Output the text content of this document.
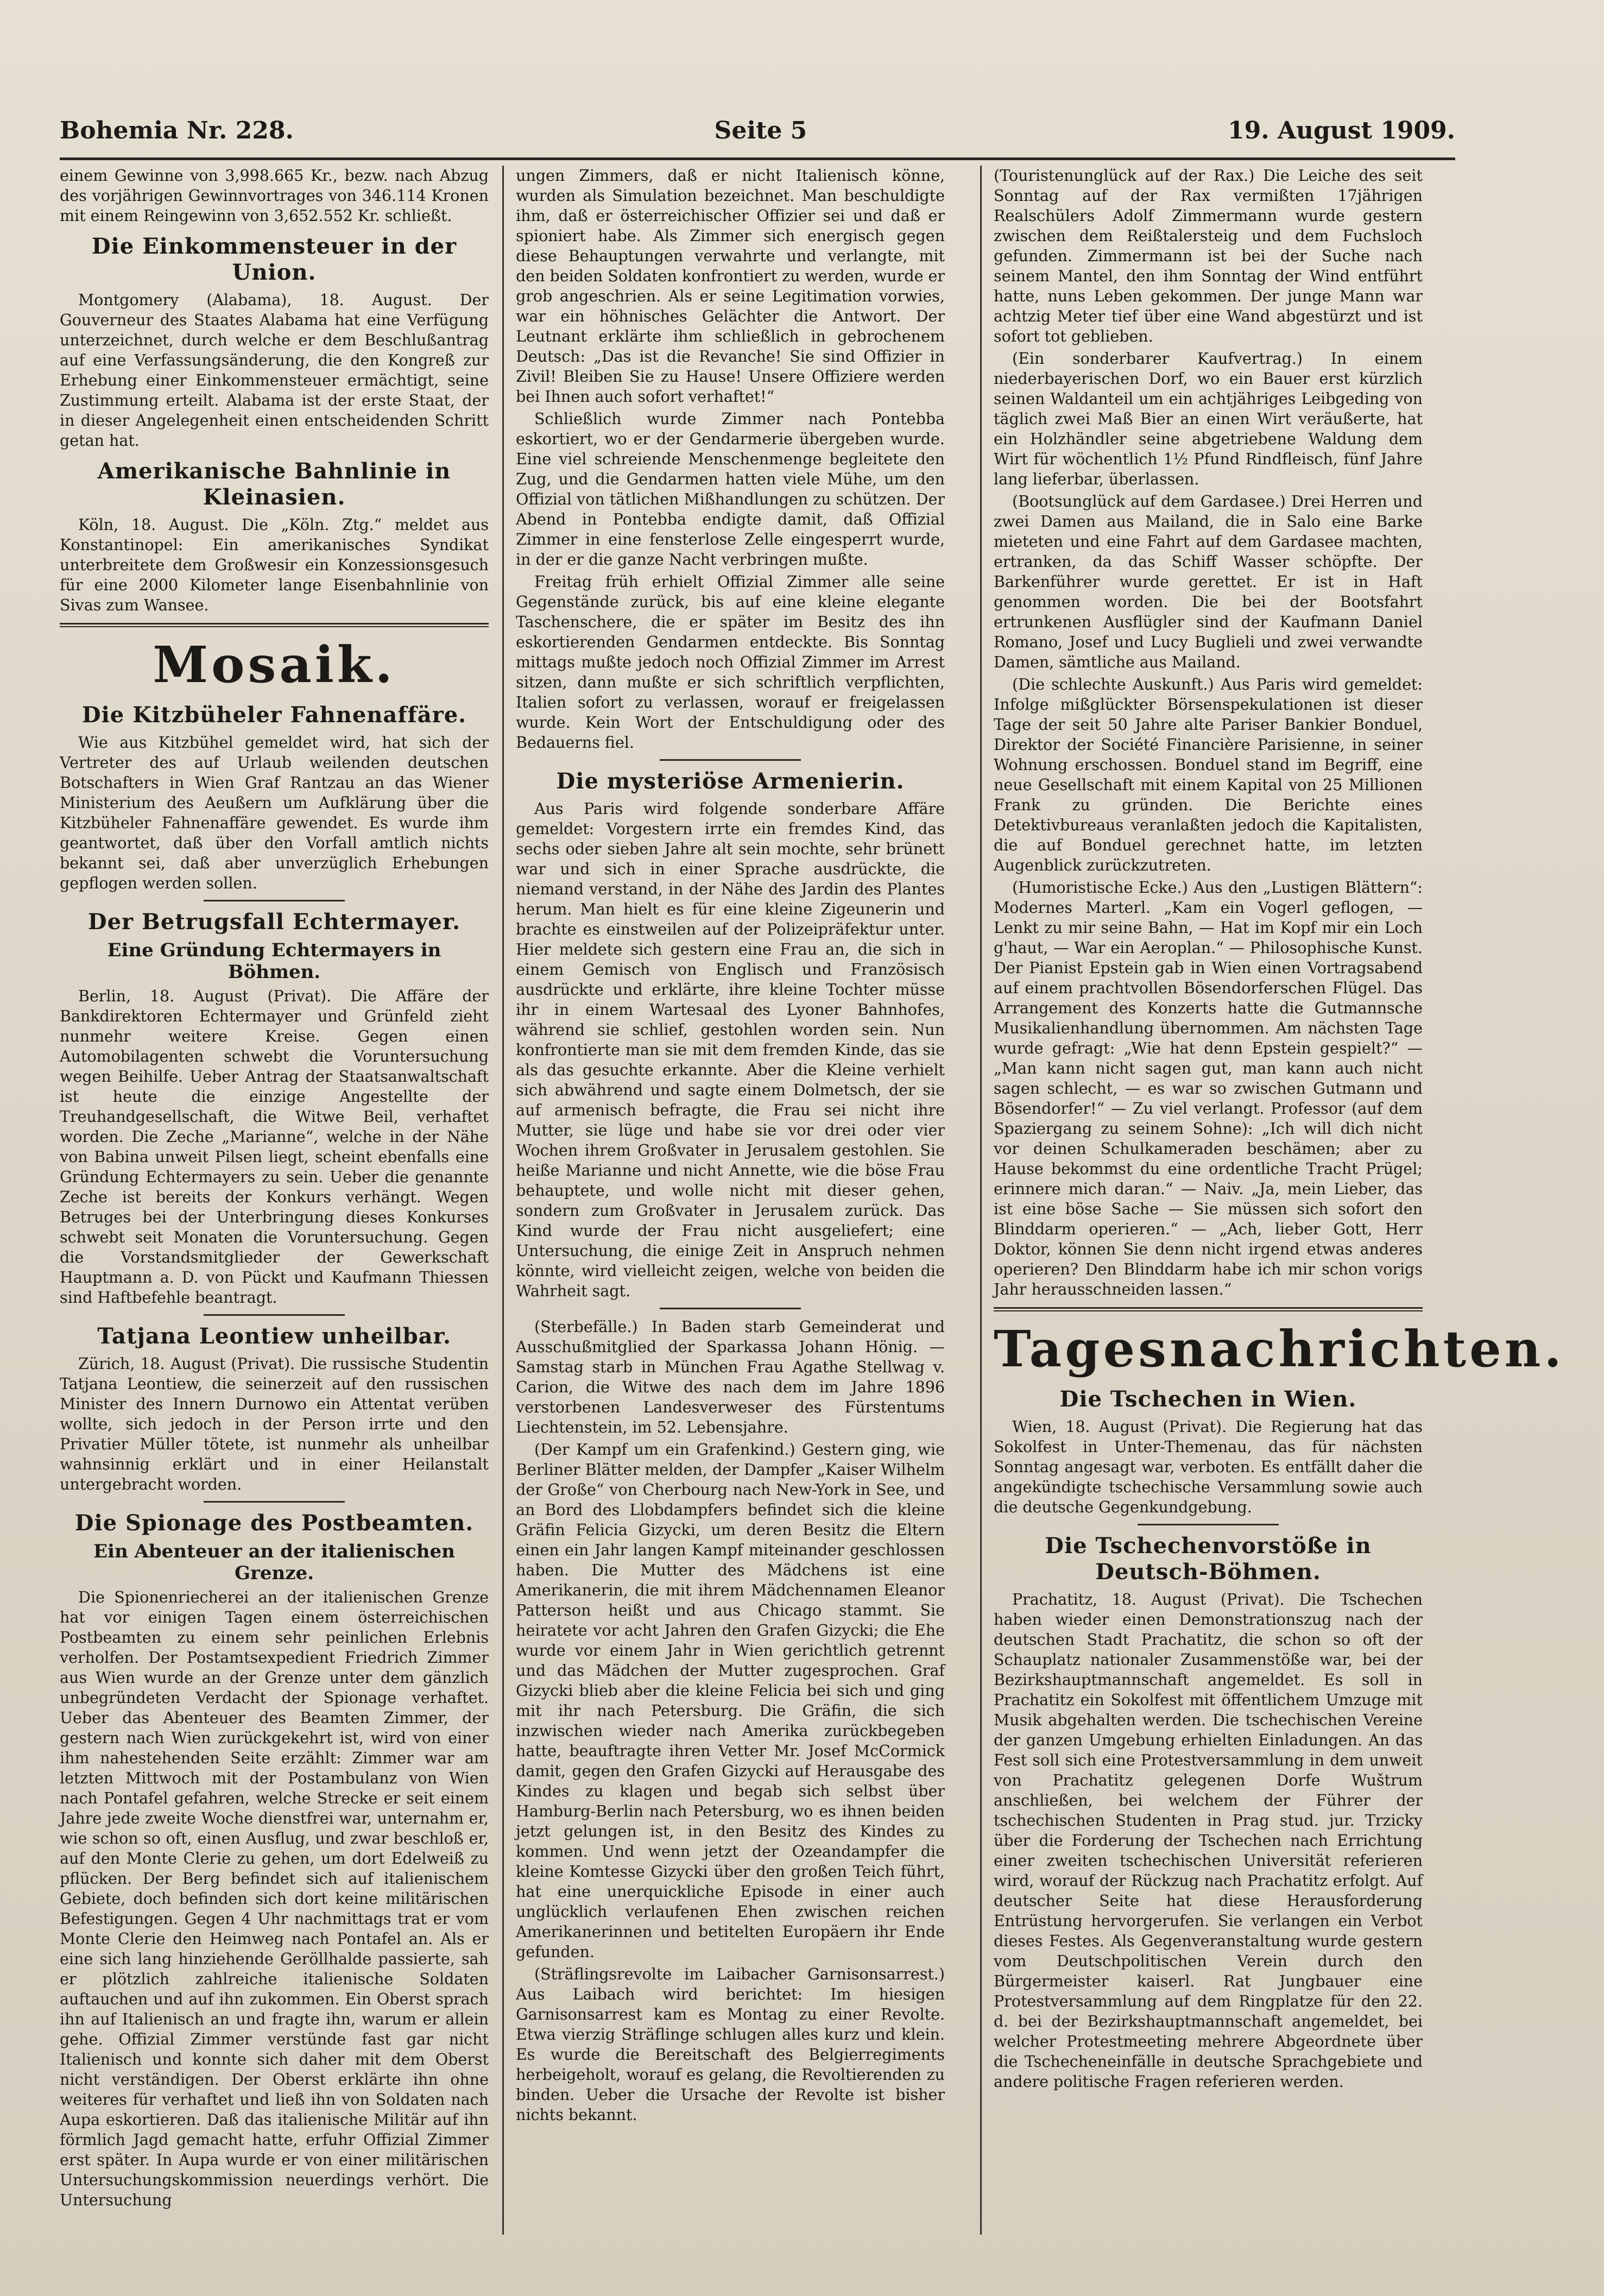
Bohemia Nr. 228.	Seite 5	19. August 1909.

einem Gewinne von 3,998.665 Kr., bezw. nach Abzug des vorjährigen Gewinnvortrages von 346.114 Kronen mit einem Reingewinn von 3,652.552 Kr. schließt.

Die Einkommensteuer in der Union.

Montgomery (Alabama), 18. August. Der Gouverneur des Staates Alabama hat eine Verfügung unterzeichnet, durch welche er dem Beschlußantrag auf eine Verfassungsänderung, die den Kongreß zur Erhebung einer Einkommensteuer ermächtigt, seine Zustimmung erteilt. Alabama ist der erste Staat, der in dieser Angelegenheit einen entscheidenden Schritt getan hat.

Amerikanische Bahnlinie in Kleinasien.

Köln, 18. August. Die „Köln. Ztg.“ meldet aus Konstantinopel: Ein amerikanisches Syndikat unterbreitete dem Großwesir ein Konzessionsgesuch für eine 2000 Kilometer lange Eisenbahnlinie von Sivas zum Wansee.

Mosaik.
Die Kitzbüheler Fahnenaffäre.

Wie aus Kitzbühel gemeldet wird, hat sich der Vertreter des auf Urlaub weilenden deutschen Botschafters in Wien Graf Rantzau an das Wiener Ministerium des Aeußern um Aufklärung über die Kitzbüheler Fahnenaffäre gewendet. Es wurde ihm geantwortet, daß über den Vorfall amtlich nichts bekannt sei, daß aber unverzüglich Erhebungen gepflogen werden sollen.

Der Betrugsfall Echtermayer.
Eine Gründung Echtermayers in Böhmen.

Berlin, 18. August (Privat). Die Affäre der Bankdirektoren Echtermayer und Grünfeld zieht nunmehr weitere Kreise. Gegen einen Automobilagenten schwebt die Voruntersuchung wegen Beihilfe. Ueber Antrag der Staatsanwaltschaft ist heute die einzige Angestellte der Treuhandgesellschaft, die Witwe Beil, verhaftet worden. Die Zeche „Marianne“, welche in der Nähe von Babina unweit Pilsen liegt, scheint ebenfalls eine Gründung Echtermayers zu sein. Ueber die genannte Zeche ist bereits der Konkurs verhängt. Wegen Betruges bei der Unterbringung dieses Konkurses schwebt seit Monaten die Voruntersuchung. Gegen die Vorstandsmitglieder der Gewerkschaft Hauptmann a. D. von Pückt und Kaufmann Thiessen sind Haftbefehle beantragt.

Tatjana Leontiew unheilbar.

Zürich, 18. August (Privat). Die russische Studentin Tatjana Leontiew, die seinerzeit auf den russischen Minister des Innern Durnowo ein Attentat verüben wollte, sich jedoch in der Person irrte und den Privatier Müller tötete, ist nunmehr als unheilbar wahnsinnig erklärt und in einer Heilanstalt untergebracht worden.

Die Spionage des Postbeamten.
Ein Abenteuer an der italienischen Grenze.

Die Spionenriecherei an der italienischen Grenze hat vor einigen Tagen einem österreichischen Postbeamten zu einem sehr peinlichen Erlebnis verholfen. Der Postamtsexpedient Friedrich Zimmer aus Wien wurde an der Grenze unter dem gänzlich unbegründeten Verdacht der Spionage verhaftet. Ueber das Abenteuer des Beamten Zimmer, der gestern nach Wien zurückgekehrt ist, wird von einer ihm nahestehenden Seite erzählt: Zimmer war am letzten Mittwoch mit der Postambulanz von Wien nach Pontafel gefahren, welche Strecke er seit einem Jahre jede zweite Woche dienstfrei war, unternahm er, wie schon so oft, einen Ausflug, und zwar beschloß er, auf den Monte Clerie zu gehen, um dort Edelweiß zu pflücken. Der Berg befindet sich auf italienischem Gebiete, doch befinden sich dort keine militärischen Befestigungen. Gegen 4 Uhr nachmittags trat er vom Monte Clerie den Heimweg nach Pontafel an. Als er eine sich lang hinziehende Geröllhalde passierte, sah er plötzlich zahlreiche italienische Soldaten auftauchen und auf ihn zukommen. Ein Oberst sprach ihn auf Italienisch an und fragte ihn, warum er allein gehe. Offizial Zimmer verstünde fast gar nicht Italienisch und konnte sich daher mit dem Oberst nicht verständigen. Der Oberst erklärte ihn ohne weiteres für verhaftet und ließ ihn von Soldaten nach Aupa eskortieren. Daß das italienische Militär auf ihn förmlich Jagd gemacht hatte, erfuhr Offizial Zimmer erst später. In Aupa wurde er von einer militärischen Untersuchungskommission neuerdings verhört. Die Untersuchung

ungen Zimmers, daß er nicht Italienisch könne, wurden als Simulation bezeichnet. Man beschuldigte ihm, daß er österreichischer Offizier sei und daß er spioniert habe. Als Zimmer sich energisch gegen diese Behauptungen verwahrte und verlangte, mit den beiden Soldaten konfrontiert zu werden, wurde er grob angeschrien. Als er seine Legitimation vorwies, war ein höhnisches Gelächter die Antwort. Der Leutnant erklärte ihm schließlich in gebrochenem Deutsch: „Das ist die Revanche! Sie sind Offizier in Zivil! Bleiben Sie zu Hause! Unsere Offiziere werden bei Ihnen auch sofort verhaftet!“

Schließlich wurde Zimmer nach Pontebba eskortiert, wo er der Gendarmerie übergeben wurde. Eine viel schreiende Menschenmenge begleitete den Zug, und die Gendarmen hatten viele Mühe, um den Offizial von tätlichen Mißhandlungen zu schützen. Der Abend in Pontebba endigte damit, daß Offizial Zimmer in eine fensterlose Zelle eingesperrt wurde, in der er die ganze Nacht verbringen mußte.

Freitag früh erhielt Offizial Zimmer alle seine Gegenstände zurück, bis auf eine kleine elegante Taschenschere, die er später im Besitz des ihn eskortierenden Gendarmen entdeckte. Bis Sonntag mittags mußte jedoch noch Offizial Zimmer im Arrest sitzen, dann mußte er sich schriftlich verpflichten, Italien sofort zu verlassen, worauf er freigelassen wurde. Kein Wort der Entschuldigung oder des Bedauerns fiel.

Die mysteriöse Armenierin.

Aus Paris wird folgende sonderbare Affäre gemeldet: Vorgestern irrte ein fremdes Kind, das sechs oder sieben Jahre alt sein mochte, sehr brünett war und sich in einer Sprache ausdrückte, die niemand verstand, in der Nähe des Jardin des Plantes herum. Man hielt es für eine kleine Zigeunerin und brachte es einstweilen auf der Polizeipräfektur unter. Hier meldete sich gestern eine Frau an, die sich in einem Gemisch von Englisch und Französisch ausdrückte und erklärte, ihre kleine Tochter müsse ihr in einem Wartesaal des Lyoner Bahnhofes, während sie schlief, gestohlen worden sein. Nun konfrontierte man sie mit dem fremden Kinde, das sie als das gesuchte erkannte. Aber die Kleine verhielt sich abwährend und sagte einem Dolmetsch, der sie auf armenisch befragte, die Frau sei nicht ihre Mutter, sie lüge und habe sie vor drei oder vier Wochen ihrem Großvater in Jerusalem gestohlen. Sie heiße Marianne und nicht Annette, wie die böse Frau behauptete, und wolle nicht mit dieser gehen, sondern zum Großvater in Jerusalem zurück. Das Kind wurde der Frau nicht ausgeliefert; eine Untersuchung, die einige Zeit in Anspruch nehmen könnte, wird vielleicht zeigen, welche von beiden die Wahrheit sagt.

(Sterbefälle.) In Baden starb Gemeinderat und Ausschußmitglied der Sparkassa Johann Hönig. — Samstag starb in München Frau Agathe Stellwag v. Carion, die Witwe des nach dem im Jahre 1896 verstorbenen Landesverweser des Fürstentums Liechtenstein, im 52. Lebensjahre.

(Der Kampf um ein Grafenkind.) Gestern ging, wie Berliner Blätter melden, der Dampfer „Kaiser Wilhelm der Große“ von Cherbourg nach New-York in See, und an Bord des Llobdampfers befindet sich die kleine Gräfin Felicia Gizycki, um deren Besitz die Eltern einen ein Jahr langen Kampf miteinander geschlossen haben. Die Mutter des Mädchens ist eine Amerikanerin, die mit ihrem Mädchennamen Eleanor Patterson heißt und aus Chicago stammt. Sie heiratete vor acht Jahren den Grafen Gizycki; die Ehe wurde vor einem Jahr in Wien gerichtlich getrennt und das Mädchen der Mutter zugesprochen. Graf Gizycki blieb aber die kleine Felicia bei sich und ging mit ihr nach Petersburg. Die Gräfin, die sich inzwischen wieder nach Amerika zurückbegeben hatte, beauftragte ihren Vetter Mr. Josef McCormick damit, gegen den Grafen Gizycki auf Herausgabe des Kindes zu klagen und begab sich selbst über Hamburg-Berlin nach Petersburg, wo es ihnen beiden jetzt gelungen ist, in den Besitz des Kindes zu kommen. Und wenn jetzt der Ozeandampfer die kleine Komtesse Gizycki über den großen Teich führt, hat eine unerquickliche Episode in einer auch unglücklich verlaufenen Ehen zwischen reichen Amerikanerinnen und betitelten Europäern ihr Ende gefunden.

(Sträflingsrevolte im Laibacher Garnisonsarrest.) Aus Laibach wird berichtet: Im hiesigen Garnisonsarrest kam es Montag zu einer Revolte. Etwa vierzig Sträflinge schlugen alles kurz und klein. Es wurde die Bereitschaft des Belgierregiments herbeigeholt, worauf es gelang, die Revoltierenden zu binden. Ueber die Ursache der Revolte ist bisher nichts bekannt.

(Touristenunglück auf der Rax.) Die Leiche des seit Sonntag auf der Rax vermißten 17jährigen Realschülers Adolf Zimmermann wurde gestern zwischen dem Reißtalersteig und dem Fuchsloch gefunden. Zimmermann ist bei der Suche nach seinem Mantel, den ihm Sonntag der Wind entführt hatte, nuns Leben gekommen. Der junge Mann war achtzig Meter tief über eine Wand abgestürzt und ist sofort tot geblieben.

(Ein sonderbarer Kaufvertrag.) In einem niederbayerischen Dorf, wo ein Bauer erst kürzlich seinen Waldanteil um ein achtjähriges Leibgeding von täglich zwei Maß Bier an einen Wirt veräußerte, hat ein Holzhändler seine abgetriebene Waldung dem Wirt für wöchentlich 1½ Pfund Rindfleisch, fünf Jahre lang lieferbar, überlassen.

(Bootsunglück auf dem Gardasee.) Drei Herren und zwei Damen aus Mailand, die in Salo eine Barke mieteten und eine Fahrt auf dem Gardasee machten, ertranken, da das Schiff Wasser schöpfte. Der Barkenführer wurde gerettet. Er ist in Haft genommen worden. Die bei der Bootsfahrt ertrunkenen Ausflügler sind der Kaufmann Daniel Romano, Josef und Lucy Buglieli und zwei verwandte Damen, sämtliche aus Mailand.

(Die schlechte Auskunft.) Aus Paris wird gemeldet: Infolge mißglückter Börsenspekulationen ist dieser Tage der seit 50 Jahre alte Pariser Bankier Bonduel, Direktor der Société Financière Parisienne, in seiner Wohnung erschossen. Bonduel stand im Begriff, eine neue Gesellschaft mit einem Kapital von 25 Millionen Frank zu gründen. Die Berichte eines Detektivbureaus veranlaßten jedoch die Kapitalisten, die auf Bonduel gerechnet hatte, im letzten Augenblick zurückzutreten.

(Humoristische Ecke.) Aus den „Lustigen Blättern“: Modernes Marterl. „Kam ein Vogerl geflogen, — Lenkt zu mir seine Bahn, — Hat im Kopf mir ein Loch g'haut, — War ein Aeroplan.“ — Philosophische Kunst. Der Pianist Epstein gab in Wien einen Vortragsabend auf einem prachtvollen Bösendorferschen Flügel. Das Arrangement des Konzerts hatte die Gutmannsche Musikalienhandlung übernommen. Am nächsten Tage wurde gefragt: „Wie hat denn Epstein gespielt?“ — „Man kann nicht sagen gut, man kann auch nicht sagen schlecht, — es war so zwischen Gutmann und Bösendorfer!“ — Zu viel verlangt. Professor (auf dem Spaziergang zu seinem Sohne): „Ich will dich nicht vor deinen Schulkameraden beschämen; aber zu Hause bekommst du eine ordentliche Tracht Prügel; erinnere mich daran.“ — Naiv. „Ja, mein Lieber, das ist eine böse Sache — Sie müssen sich sofort den Blinddarm operieren.“ — „Ach, lieber Gott, Herr Doktor, können Sie denn nicht irgend etwas anderes operieren? Den Blinddarm habe ich mir schon vorigs Jahr herausschneiden lassen.“

Tagesnachrichten.
Die Tschechen in Wien.

Wien, 18. August (Privat). Die Regierung hat das Sokolfest in Unter-Themenau, das für nächsten Sonntag angesagt war, verboten. Es entfällt daher die angekündigte tschechische Versammlung sowie auch die deutsche Gegenkundgebung.

Die Tschechenvorstöße in Deutsch-Böhmen.

Prachatitz, 18. August (Privat). Die Tschechen haben wieder einen Demonstrationszug nach der deutschen Stadt Prachatitz, die schon so oft der Schauplatz nationaler Zusammenstöße war, bei der Bezirkshauptmannschaft angemeldet. Es soll in Prachatitz ein Sokolfest mit öffentlichem Umzuge mit Musik abgehalten werden. Die tschechischen Vereine der ganzen Umgebung erhielten Einladungen. An das Fest soll sich eine Protestversammlung in dem unweit von Prachatitz gelegenen Dorfe Wuštrum anschließen, bei welchem der Führer der tschechischen Studenten in Prag stud. jur. Trzicky über die Forderung der Tschechen nach Errichtung einer zweiten tschechischen Universität referieren wird, worauf der Rückzug nach Prachatitz erfolgt. Auf deutscher Seite hat diese Herausforderung Entrüstung hervorgerufen. Sie verlangen ein Verbot dieses Festes. Als Gegenveranstaltung wurde gestern vom Deutschpolitischen Verein durch den Bürgermeister kaiserl. Rat Jungbauer eine Protestversammlung auf dem Ringplatze für den 22. d. bei der Bezirkshauptmannschaft angemeldet, bei welcher Protestmeeting mehrere Abgeordnete über die Tschecheneinfälle in deutsche Sprachgebiete und andere politische Fragen referieren werden.
